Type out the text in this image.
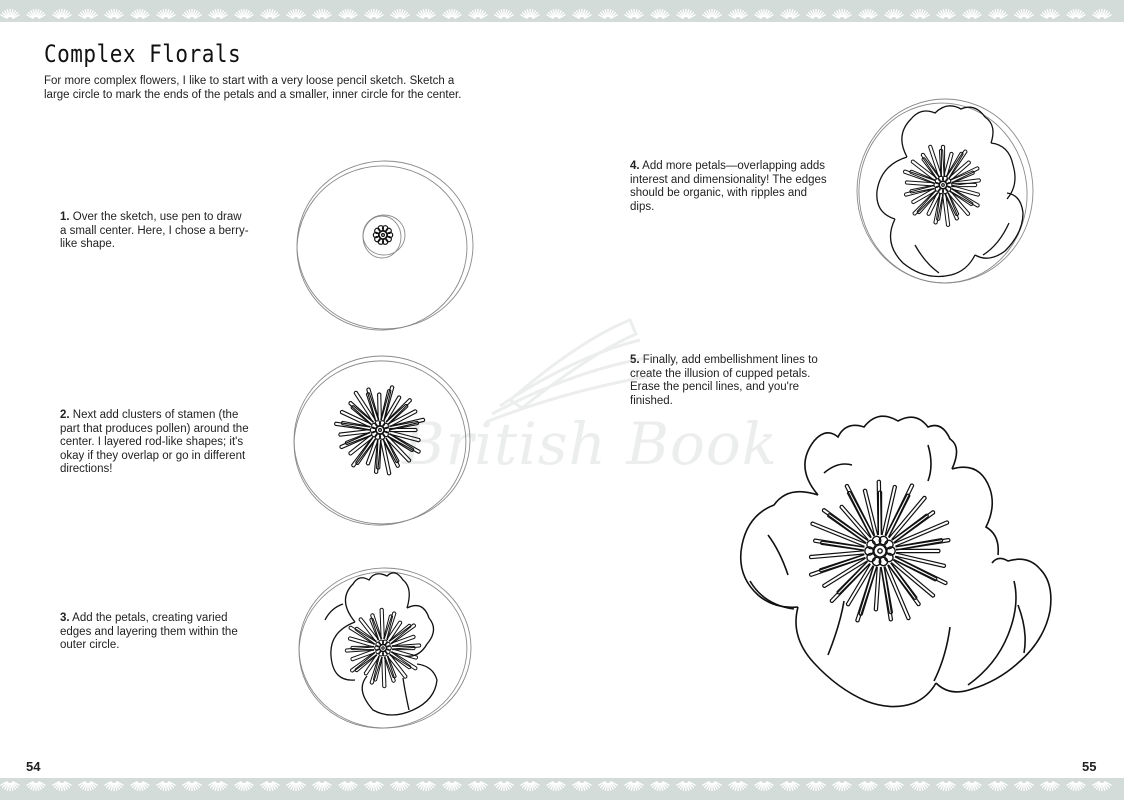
Complex Florals
For more complex flowers, I like to start with a very loose pencil sketch. Sketch a large circle to mark the ends of the petals and a smaller, inner circle for the center.
1. Over the sketch, use pen to draw a small center. Here, I chose a berry-like shape.
2. Next add clusters of stamen (the part that produces pollen) around the center. I layered rod-like shapes; it's okay if they overlap or go in different directions!
3. Add the petals, creating varied edges and layering them within the outer circle.
4. Add more petals—overlapping adds interest and dimensionality! The edges should be organic, with ripples and dips.
5. Finally, add embellishment lines to create the illusion of cupped petals. Erase the pencil lines, and you're finished.
British Book
54	55
